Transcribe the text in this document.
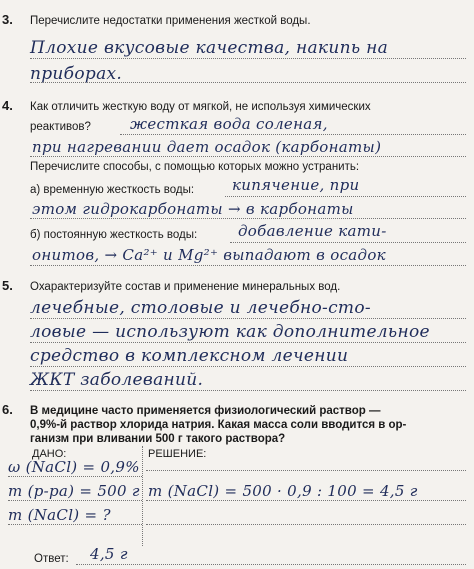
3. Перечислите недостатки применения жесткой воды.
Плохие вкусовые качества, накипь на
приборах.
4. Как отличить жесткую воду от мягкой, не используя химических
реактивов?	жесткая вода соленая,
при нагревании дает осадок (карбонаты)
Перечислите способы, с помощью которых можно устранить:
а) временную жесткость воды:	кипячение, при
этом гидрокарбонаты → в карбонаты
б) постоянную жесткость воды:	добавление кати-
онитов, → Ca²⁺ и Mg²⁺ выпадают в осадок
5. Охарактеризуйте состав и применение минеральных вод.
лечебные, столовые и лечебно-сто-
ловые — используют как дополнительное
средство в комплексном лечении
ЖКТ заболеваний.
6. В медицине часто применяется физиологический раствор —
0,9%-й раствор хлорида натрия. Какая масса соли вводится в ор-
ганизм при вливании 500 г такого раствора?
ДАНО:	РЕШЕНИЕ:
ω (NaCl) = 0,9%
m (р-ра) = 500 г
m (NaCl) = ?
m (NaCl) = 500 · 0,9 : 100 = 4,5 г
Ответ: 4,5 г
